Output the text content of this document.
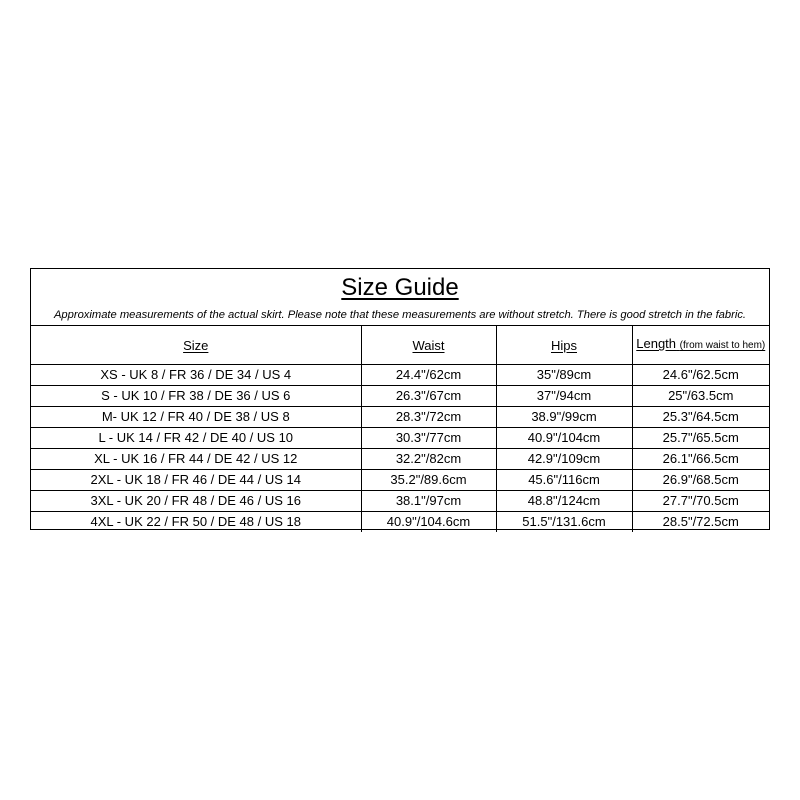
Size Guide
Approximate measurements of the actual skirt. Please note that these measurements are without stretch. There is good stretch in the fabric.
Size	Waist	Hips	Length (from waist to hem)
XS - UK 8 / FR 36 / DE 34 / US 4	24.4"/62cm	35"/89cm	24.6"/62.5cm
S - UK 10 / FR 38 / DE 36 / US 6	26.3"/67cm	37"/94cm	25"/63.5cm
M- UK 12 / FR 40 / DE 38 / US 8	28.3"/72cm	38.9"/99cm	25.3"/64.5cm
L - UK 14 / FR 42 / DE 40 / US 10	30.3"/77cm	40.9"/104cm	25.7"/65.5cm
XL - UK 16 / FR 44 / DE 42 / US 12	32.2"/82cm	42.9"/109cm	26.1"/66.5cm
2XL - UK 18 / FR 46 / DE 44 / US 14	35.2"/89.6cm	45.6"/116cm	26.9"/68.5cm
3XL - UK 20 / FR 48 / DE 46 / US 16	38.1"/97cm	48.8"/124cm	27.7"/70.5cm
4XL - UK 22 / FR 50 / DE 48 / US 18	40.9"/104.6cm	51.5"/131.6cm	28.5"/72.5cm
